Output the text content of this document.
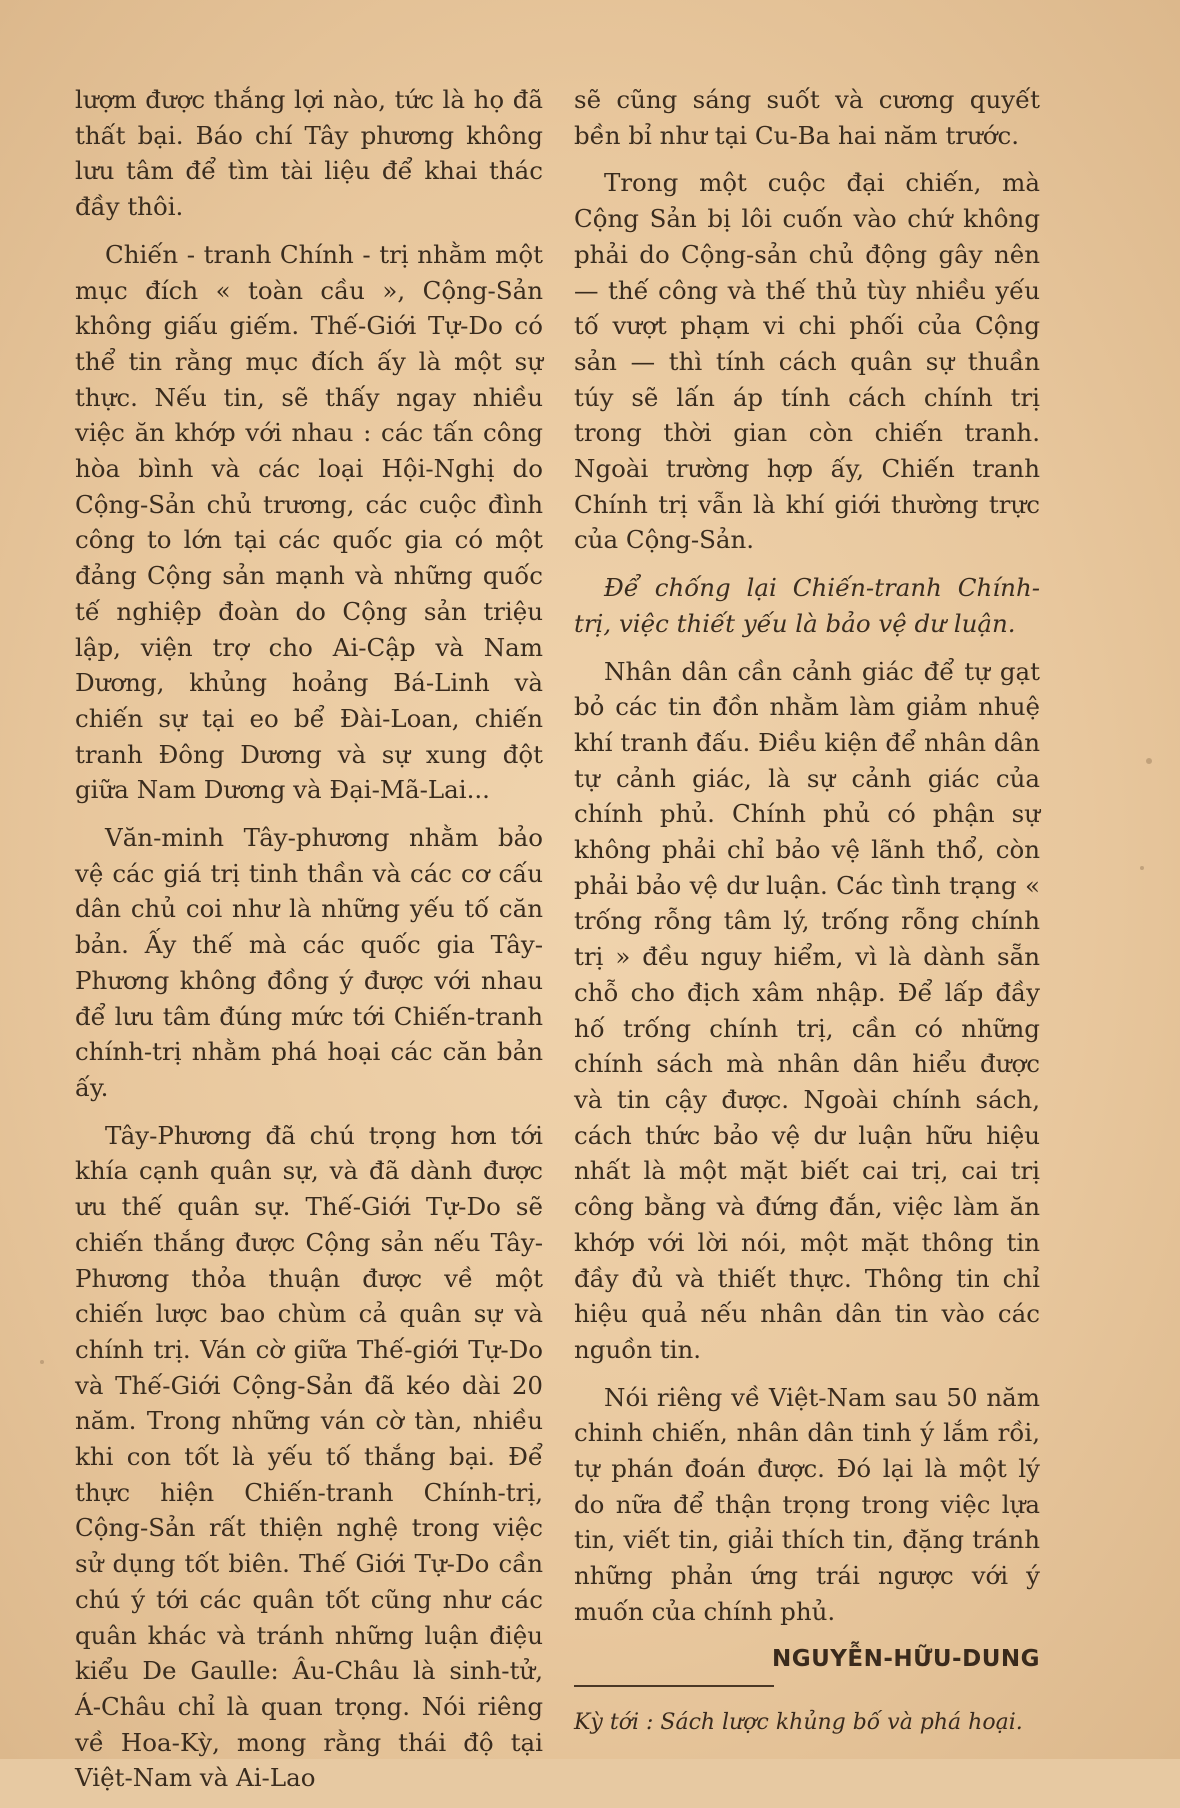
lượm được thắng lợi nào, tức là họ đã thất bại. Báo chí Tây phương không lưu tâm để tìm tài liệu để khai thác đầy thôi.

Chiến - tranh Chính - trị nhằm một mục đích « toàn cầu », Cộng-Sản không giấu giếm. Thế-Giới Tự-Do có thể tin rằng mục đích ấy là một sự thực. Nếu tin, sẽ thấy ngay nhiều việc ăn khớp với nhau : các tấn công hòa bình và các loại Hội-Nghị do Cộng-Sản chủ trương, các cuộc đình công to lớn tại các quốc gia có một đảng Cộng sản mạnh và những quốc tế nghiệp đoàn do Cộng sản triệu lập, viện trợ cho Ai-Cập và Nam Dương, khủng hoảng Bá-Linh và chiến sự tại eo bể Đài-Loan, chiến tranh Đông Dương và sự xung đột giữa Nam Dương và Đại-Mã-Lai...

Văn-minh Tây-phương nhằm bảo vệ các giá trị tinh thần và các cơ cấu dân chủ coi như là những yếu tố căn bản. Ấy thế mà các quốc gia Tây-Phương không đồng ý được với nhau để lưu tâm đúng mức tới Chiến-tranh chính-trị nhằm phá hoại các căn bản ấy.

Tây-Phương đã chú trọng hơn tới khía cạnh quân sự, và đã dành được ưu thế quân sự. Thế-Giới Tự-Do sẽ chiến thắng được Cộng sản nếu Tây-Phương thỏa thuận được về một chiến lược bao chùm cả quân sự và chính trị. Ván cờ giữa Thế-giới Tự-Do và Thế-Giới Cộng-Sản đã kéo dài 20 năm. Trong những ván cờ tàn, nhiều khi con tốt là yếu tố thắng bại. Để thực hiện Chiến-tranh Chính-trị, Cộng-Sản rất thiện nghệ trong việc sử dụng tốt biên. Thế Giới Tự-Do cần chú ý tới các quân tốt cũng như các quân khác và tránh những luận điệu kiểu De Gaulle: Âu-Châu là sinh-tử, Á-Châu chỉ là quan trọng. Nói riêng về Hoa-Kỳ, mong rằng thái độ tại Việt-Nam và Ai-Lao

sẽ cũng sáng suốt và cương quyết bền bỉ như tại Cu-Ba hai năm trước.

Trong một cuộc đại chiến, mà Cộng Sản bị lôi cuốn vào chứ không phải do Cộng-sản chủ động gây nên — thế công và thế thủ tùy nhiều yếu tố vượt phạm vi chi phối của Cộng sản — thì tính cách quân sự thuần túy sẽ lấn áp tính cách chính trị trong thời gian còn chiến tranh. Ngoài trường hợp ấy, Chiến tranh Chính trị vẫn là khí giới thường trực của Cộng-Sản.

Để chống lại Chiến-tranh Chính-trị, việc thiết yếu là bảo vệ dư luận.

Nhân dân cần cảnh giác để tự gạt bỏ các tin đồn nhằm làm giảm nhuệ khí tranh đấu. Điều kiện để nhân dân tự cảnh giác, là sự cảnh giác của chính phủ. Chính phủ có phận sự không phải chỉ bảo vệ lãnh thổ, còn phải bảo vệ dư luận. Các tình trạng « trống rỗng tâm lý, trống rỗng chính trị » đều nguy hiểm, vì là dành sẵn chỗ cho địch xâm nhập. Để lấp đầy hố trống chính trị, cần có những chính sách mà nhân dân hiểu được và tin cậy được. Ngoài chính sách, cách thức bảo vệ dư luận hữu hiệu nhất là một mặt biết cai trị, cai trị công bằng và đứng đắn, việc làm ăn khớp với lời nói, một mặt thông tin đầy đủ và thiết thực. Thông tin chỉ hiệu quả nếu nhân dân tin vào các nguồn tin.

Nói riêng về Việt-Nam sau 50 năm chinh chiến, nhân dân tinh ý lắm rồi, tự phán đoán được. Đó lại là một lý do nữa để thận trọng trong việc lựa tin, viết tin, giải thích tin, đặng tránh những phản ứng trái ngược với ý muốn của chính phủ.

NGUYỄN-HỮU-DUNG

Kỳ tới : Sách lược khủng bố và phá hoại.
